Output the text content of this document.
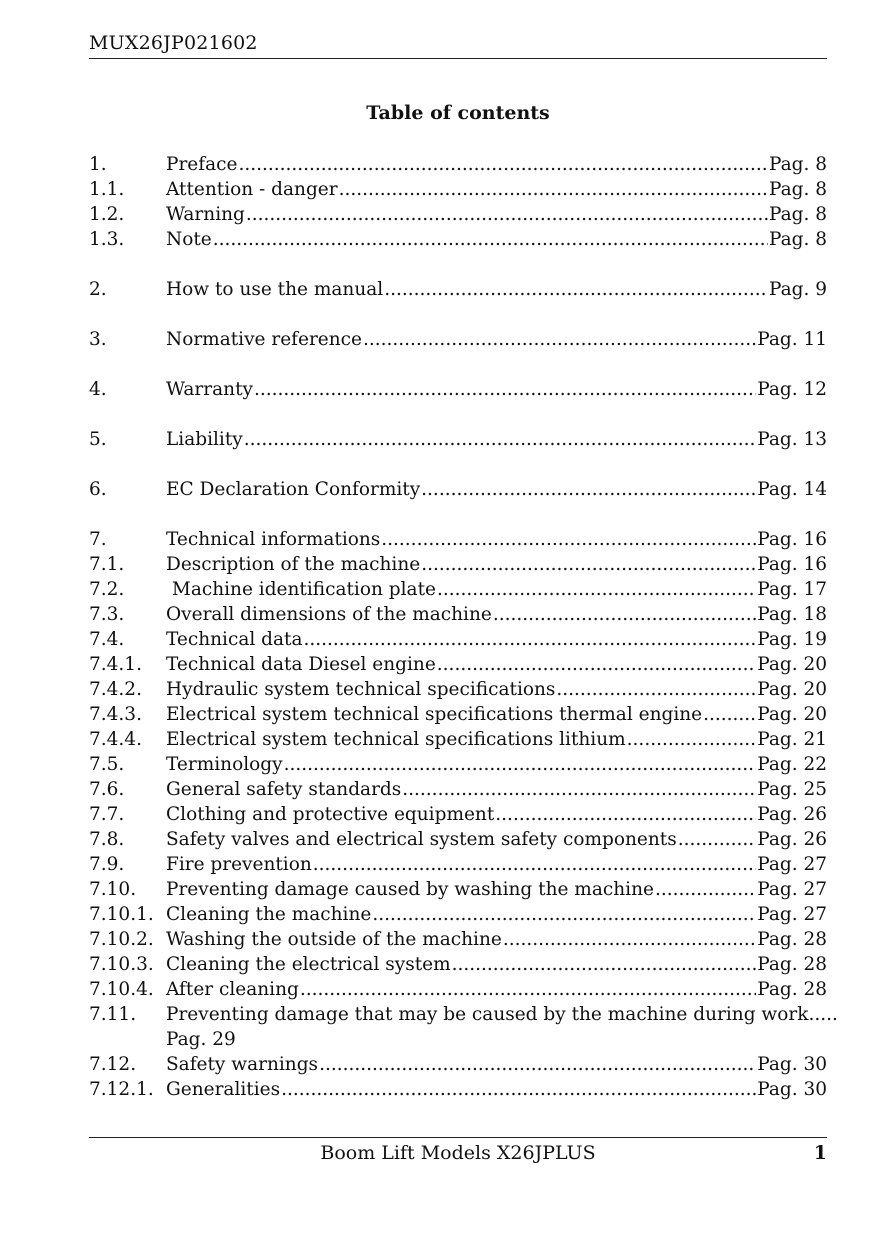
MUX26JP021602
Table of contents
1.	Preface .....	Pag. 8
1.1. Attention - danger .....	Pag. 8
1.2. Warning .....	Pag. 8
1.3. Note .....	Pag. 8
2.	How to use the manual .....	Pag. 9
3.	Normative reference .....	Pag. 11
4.	Warranty .....	Pag. 12
5.	Liability .....	Pag. 13
6.	EC Declaration Conformity .....	Pag. 14
7.	Technical informations .....	Pag. 16
7.1. Description of the machine .....	Pag. 16
7.2. Machine identification plate .....	Pag. 17
7.3. Overall dimensions of the machine .....	Pag. 18
7.4. Technical data .....	Pag. 19
7.4.1. Technical data Diesel engine .....	Pag. 20
7.4.2. Hydraulic system technical specifications .....	Pag. 20
7.4.3. Electrical system technical specifications thermal engine .....	Pag. 20
7.4.4. Electrical system technical specifications lithium .....	Pag. 21
7.5. Terminology .....	Pag. 22
7.6. General safety standards .....	Pag. 25
7.7. Clothing and protective equipment .....	Pag. 26
7.8. Safety valves and electrical system safety components .....	Pag. 26
7.9. Fire prevention .....	Pag. 27
7.10. Preventing damage caused by washing the machine .....	Pag. 27
7.10.1. Cleaning the machine .....	Pag. 27
7.10.2. Washing the outside of the machine .....	Pag. 28
7.10.3. Cleaning the electrical system .....	Pag. 28
7.10.4. After cleaning .....	Pag. 28
7.11. Preventing damage that may be caused by the machine during work.....
Pag. 29
7.12. Safety warnings .....	Pag. 30
7.12.1. Generalities .....	Pag. 30
Boom Lift Models X26JPLUS	1
